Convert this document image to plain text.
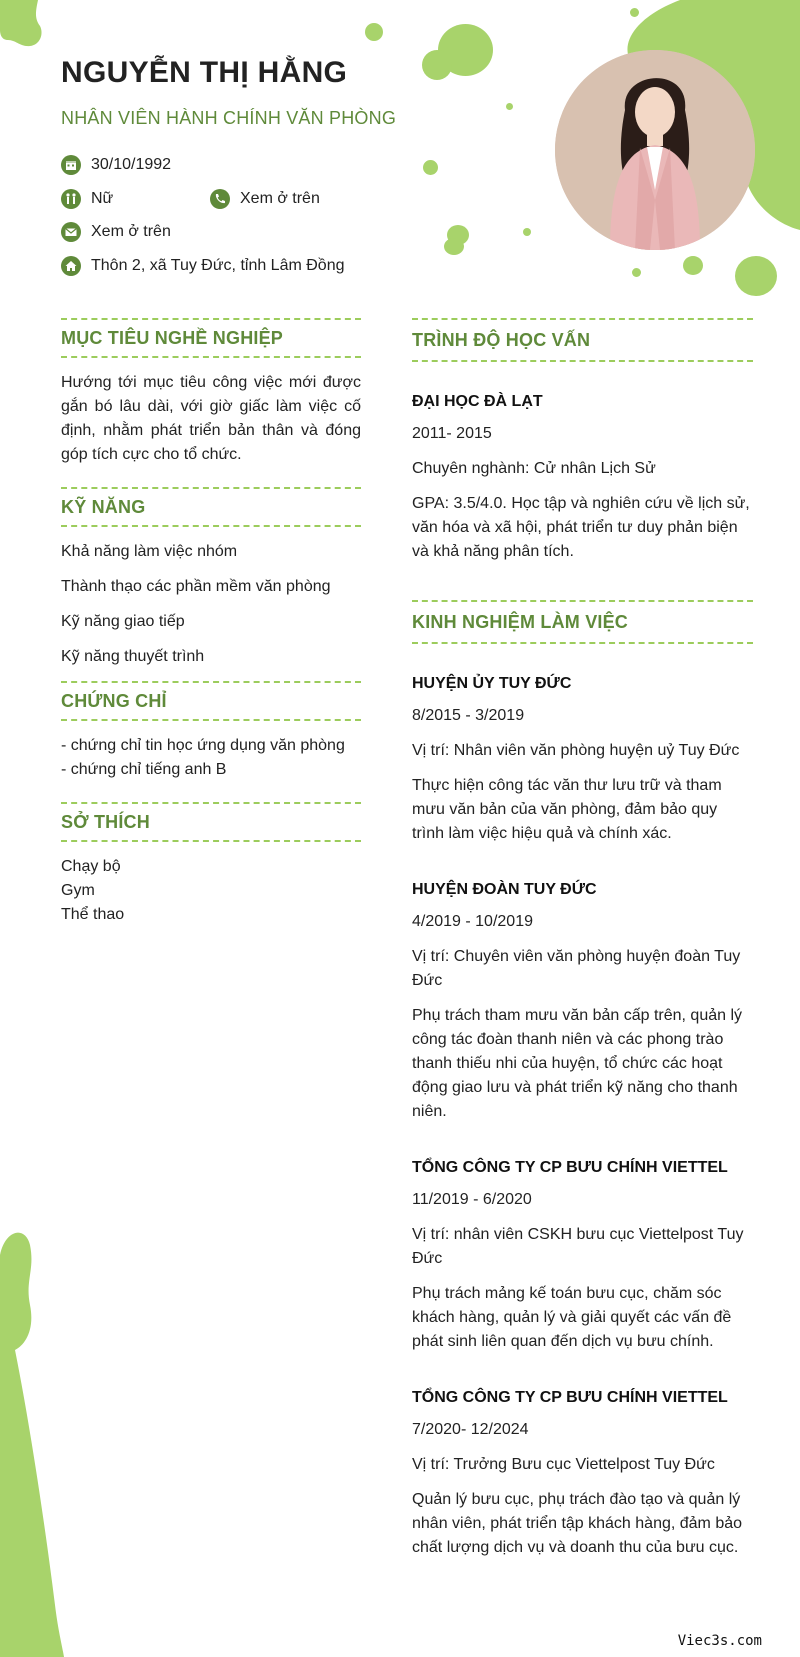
NGUYỄN THỊ HẰNG
NHÂN VIÊN HÀNH CHÍNH VĂN PHÒNG
30/10/1992
Nữ	Xem ở trên
Xem ở trên
Thôn 2, xã Tuy Đức, tỉnh Lâm Đồng
MỤC TIÊU NGHỀ NGHIỆP
Hướng tới mục tiêu công việc mới được gắn bó lâu dài, với giờ giấc làm việc cố định, nhằm phát triển bản thân và đóng góp tích cực cho tổ chức.
KỸ NĂNG
Khả năng làm việc nhóm
Thành thạo các phần mềm văn phòng
Kỹ năng giao tiếp
Kỹ năng thuyết trình
CHỨNG CHỈ
- chứng chỉ tin học ứng dụng văn phòng
- chứng chỉ tiếng anh B
SỞ THÍCH
Chạy bộ
Gym
Thể thao
TRÌNH ĐỘ HỌC VẤN
ĐẠI HỌC ĐÀ LẠT
2011- 2015
Chuyên nghành: Cử nhân Lịch Sử
GPA: 3.5/4.0. Học tập và nghiên cứu về lịch sử, văn hóa và xã hội, phát triển tư duy phản biện và khả năng phân tích.
KINH NGHIỆM LÀM VIỆC
HUYỆN ỦY TUY ĐỨC
8/2015 - 3/2019
Vị trí: Nhân viên văn phòng huyện uỷ Tuy Đức
Thực hiện công tác văn thư lưu trữ và tham mưu văn bản của văn phòng, đảm bảo quy trình làm việc hiệu quả và chính xác.
HUYỆN ĐOÀN TUY ĐỨC
4/2019 - 10/2019
Vị trí: Chuyên viên văn phòng huyện đoàn Tuy Đức
Phụ trách tham mưu văn bản cấp trên, quản lý công tác đoàn thanh niên và các phong trào thanh thiếu nhi của huyện, tổ chức các hoạt động giao lưu và phát triển kỹ năng cho thanh niên.
TỔNG CÔNG TY CP BƯU CHÍNH VIETTEL
11/2019 - 6/2020
Vị trí: nhân viên CSKH bưu cục Viettelpost Tuy Đức
Phụ trách mảng kế toán bưu cục, chăm sóc khách hàng, quản lý và giải quyết các vấn đề phát sinh liên quan đến dịch vụ bưu chính.
TỔNG CÔNG TY CP BƯU CHÍNH VIETTEL
7/2020- 12/2024
Vị trí: Trưởng Bưu cục Viettelpost Tuy Đức
Quản lý bưu cục, phụ trách đào tạo và quản lý nhân viên, phát triển tập khách hàng, đảm bảo chất lượng dịch vụ và doanh thu của bưu cục.
Viec3s.com
